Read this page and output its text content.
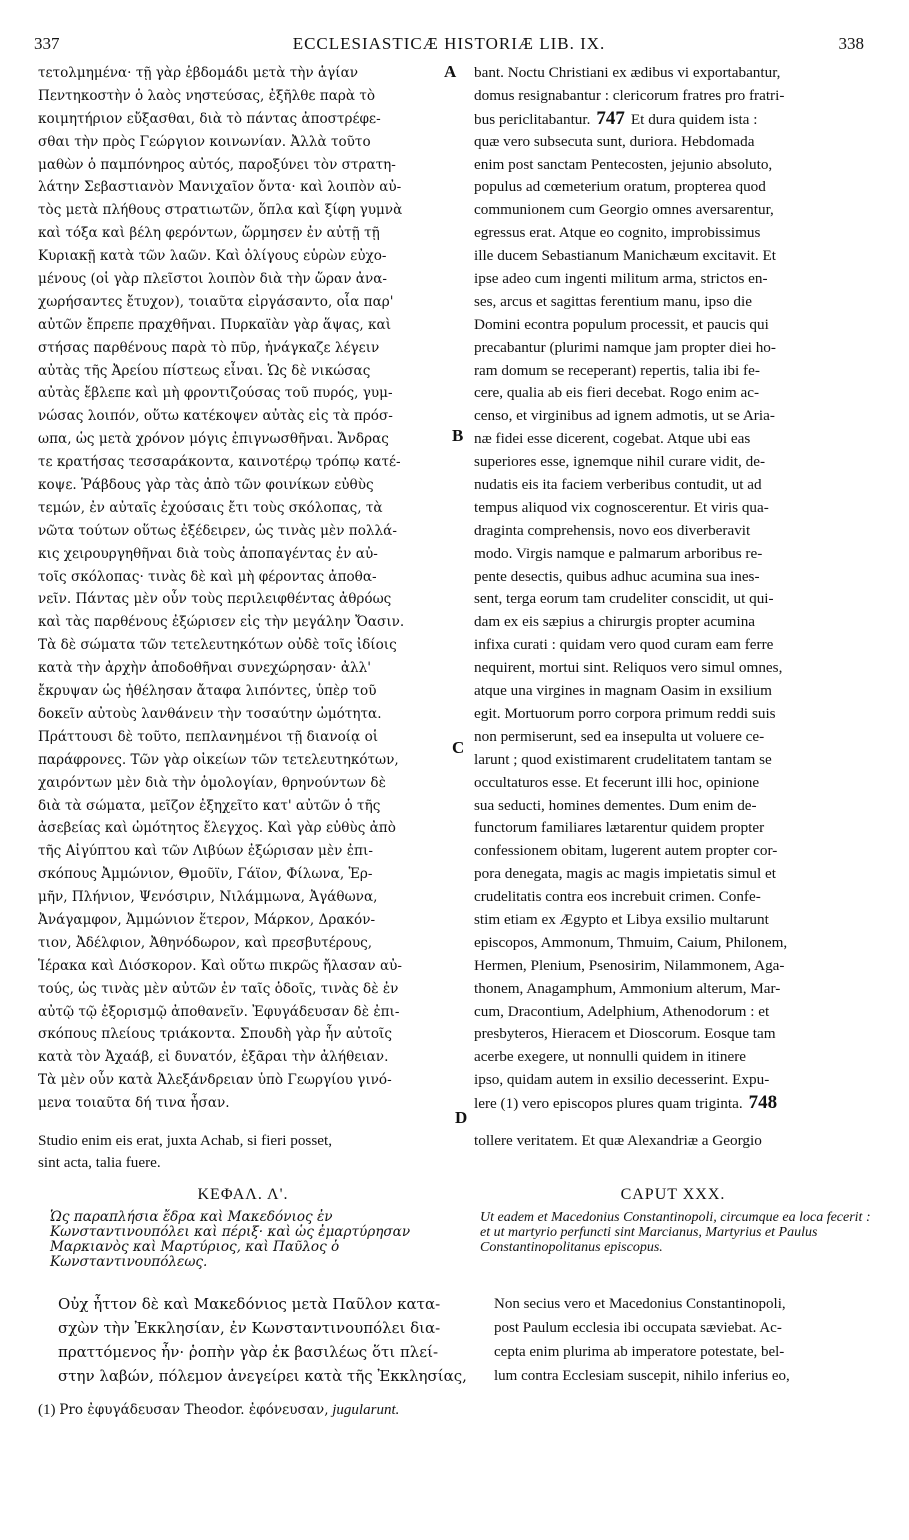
337	ECCLESIASTICÆ HISTORIÆ LIB. IX.	338
τετολμημένα· τῇ γὰρ ἑβδομάδι μετὰ τὴν ἁγίαν
Πεντηκοστὴν ὁ λαὸς νηστεύσας, ἐξῆλθε παρὰ τὸ
κοιμητήριον εὔξασθαι, διὰ τὸ πάντας ἀποστρέφε-
σθαι τὴν πρὸς Γεώργιον κοινωνίαν. Ἀλλὰ τοῦτο
μαθὼν ὁ παμπόνηρος αὐτός, παροξύνει τὸν στρατη-
λάτην Σεβαστιανὸν Μανιχαῖον ὄντα· καὶ λοιπὸν αὐ-
τὸς μετὰ πλήθους στρατιωτῶν, ὅπλα καὶ ξίφη γυμνὰ
καὶ τόξα καὶ βέλη φερόντων, ὥρμησεν ἐν αὐτῇ τῇ
Κυριακῇ κατὰ τῶν λαῶν. Καὶ ὀλίγους εὑρὼν εὐχο-
μένους (οἱ γὰρ πλεῖστοι λοιπὸν διὰ τὴν ὥραν ἀνα-
χωρήσαντες ἔτυχον), τοιαῦτα εἰργάσαντο, οἷα παρ'
αὐτῶν ἔπρεπε πραχθῆναι. Πυρκαϊὰν γὰρ ἅψας, καὶ
στήσας παρθένους παρὰ τὸ πῦρ, ἠνάγκαζε λέγειν
αὐτὰς τῆς Ἀρείου πίστεως εἶναι. Ὡς δὲ νικώσας
αὐτὰς ἔβλεπε καὶ μὴ φροντιζούσας τοῦ πυρός, γυμ-
νώσας λοιπόν, οὕτω κατέκοψεν αὐτὰς εἰς τὰ πρόσ-
ωπα, ὡς μετὰ χρόνον μόγις ἐπιγνωσθῆναι. Ἄνδρας
τε κρατήσας τεσσαράκοντα, καινοτέρῳ τρόπῳ κατέ-
κοψε. Ῥάβδους γὰρ τὰς ἀπὸ τῶν φοινίκων εὐθὺς
τεμών, ἐν αὐταῖς ἐχούσαις ἔτι τοὺς σκόλοπας, τὰ
νῶτα τούτων οὕτως ἐξέδειρεν, ὡς τινὰς μὲν πολλά-
κις χειρουργηθῆναι διὰ τοὺς ἀποπαγέντας ἐν αὐ-
τοῖς σκόλοπας· τινὰς δὲ καὶ μὴ φέροντας ἀποθα-
νεῖν. Πάντας μὲν οὖν τοὺς περιλειφθέντας ἀθρόως
καὶ τὰς παρθένους ἐξώρισεν εἰς τὴν μεγάλην Ὄασιν.
Τὰ δὲ σώματα τῶν τετελευτηκότων οὐδὲ τοῖς ἰδίοις
κατὰ τὴν ἀρχὴν ἀποδοθῆναι συνεχώρησαν· ἀλλ'
ἔκρυψαν ὡς ἠθέλησαν ἄταφα λιπόντες, ὑπὲρ τοῦ
δοκεῖν αὐτοὺς λανθάνειν τὴν τοσαύτην ὠμότητα.
Πράττουσι δὲ τοῦτο, πεπλανημένοι τῇ διανοίᾳ οἱ
παράφρονες. Τῶν γὰρ οἰκείων τῶν τετελευτηκότων,
χαιρόντων μὲν διὰ τὴν ὁμολογίαν, θρηνούντων δὲ
διὰ τὰ σώματα, μεῖζον ἐξηχεῖτο κατ' αὐτῶν ὁ τῆς
ἀσεβείας καὶ ὠμότητος ἔλεγχος. Καὶ γὰρ εὐθὺς ἀπὸ
τῆς Αἰγύπτου καὶ τῶν Λιβύων ἐξώρισαν μὲν ἐπι-
σκόπους Ἀμμώνιον, Θμοῦϊν, Γάϊον, Φίλωνα, Ἑρ-
μῆν, Πλήνιον, Ψενόσιριν, Νιλάμμωνα, Ἀγάθωνα,
Ἀνάγαμφον, Ἀμμώνιον ἕτερον, Μάρκον, Δρακόν-
τιον, Ἀδέλφιον, Ἀθηνόδωρον, καὶ πρεσβυτέρους,
Ἱέρακα καὶ Διόσκορον. Καὶ οὕτω πικρῶς ἤλασαν αὐ-
τούς, ὡς τινὰς μὲν αὐτῶν ἐν ταῖς ὁδοῖς, τινὰς δὲ ἐν
αὐτῷ τῷ ἐξορισμῷ ἀποθανεῖν. Ἐφυγάδευσαν δὲ ἐπι-
σκόπους πλείους τριάκοντα. Σπουδὴ γὰρ ἦν αὐτοῖς
κατὰ τὸν Ἀχαάβ, εἰ δυνατόν, ἐξᾶραι τὴν ἀλήθειαν.
Τὰ μὲν οὖν κατὰ Ἀλεξάνδρειαν ὑπὸ Γεωργίου γινό-
μενα τοιαῦτα δή τινα ἦσαν.
bant. Noctu Christiani ex ædibus vi exportabantur,
domus resignabantur : clericorum fratres pro fratri-
bus periclitabantur. 747 Et dura quidem ista :
quæ vero subsecuta sunt, duriora. Hebdomada
enim post sanctam Pentecosten, jejunio absoluto,
populus ad cœmeterium oratum, propterea quod
communionem cum Georgio omnes aversarentur,
egressus erat. Atque eo cognito, improbissimus
ille ducem Sebastianum Manichæum excitavit. Et
ipse adeo cum ingenti militum arma, strictos en-
ses, arcus et sagittas ferentium manu, ipso die
Domini econtra populum processit, et paucis qui
precabantur (plurimi namque jam propter diei ho-
ram domum se receperant) repertis, talia ibi fe-
cere, qualia ab eis fieri decebat. Rogo enim ac-
censo, et virginibus ad ignem admotis, ut se Aria-
næ fidei esse dicerent, cogebat. Atque ubi eas
superiores esse, ignemque nihil curare vidit, de-
nudatis eis ita faciem verberibus contudit, ut ad
tempus aliquod vix cognoscerentur. Et viris qua-
draginta comprehensis, novo eos diverberavit
modo. Virgis namque e palmarum arboribus re-
pente desectis, quibus adhuc acumina sua ines-
sent, terga eorum tam crudeliter conscidit, ut qui-
dam ex eis sæpius a chirurgis propter acumina
infixa curati : quidam vero quod curam eam ferre
nequirent, mortui sint. Reliquos vero simul omnes,
atque una virgines in magnam Oasim in exsilium
egit. Mortuorum porro corpora primum reddi suis
non permiserunt, sed ea insepulta ut voluere ce-
larunt ; quod existimarent crudelitatem tantam se
occultaturos esse. Et fecerunt illi hoc, opinione
sua seducti, homines dementes. Dum enim de-
functorum familiares lætarentur quidem propter
confessionem obitam, lugerent autem propter cor-
pora denegata, magis ac magis impietatis simul et
crudelitatis contra eos increbuit crimen. Confe-
stim etiam ex Ægypto et Libya exsilio multarunt
episcopos, Ammonum, Thmuim, Caium, Philonem,
Hermen, Plenium, Psenosirim, Nilammonem, Aga-
thonem, Anagamphum, Ammonium alterum, Mar-
cum, Dracontium, Adelphium, Athenodorum : et
presbyteros, Hieracem et Dioscorum. Eosque tam
acerbe exegere, ut nonnulli quidem in itinere
ipso, quidam autem in exsilio decesserint. Expu-
lere (1) vero episcopos plures quam triginta. 748
A
B
C
D
Studio enim eis erat, juxta Achab, si fieri posset,	tollere veritatem. Et quæ Alexandriæ a Georgio
sint acta, talia fuere.
ΚΕΦΑΛ. Λ'.
Ὡς παραπλήσια ἔδρα καὶ Μακεδόνιος ἐν Κωνσταντινουπόλει καὶ πέριξ· καὶ ὡς ἐμαρτύρησαν Μαρκιανὸς καὶ Μαρτύριος, καὶ Παῦλος ὁ Κωνσταντινουπόλεως.
Οὐχ ἧττον δὲ καὶ Μακεδόνιος μετὰ Παῦλον κατα-
σχὼν τὴν Ἐκκλησίαν, ἐν Κωνσταντινουπόλει δια-
πραττόμενος ἦν· ῥοπὴν γὰρ ἐκ βασιλέως ὅτι πλεί-
στην λαβών, πόλεμον ἀνεγείρει κατὰ τῆς Ἐκκλησίας,
CAPUT XXX.
Ut eadem et Macedonius Constantinopoli, circumque ea loca fecerit : et ut martyrio perfuncti sint Marcianus, Martyrius et Paulus Constantinopolitanus episcopus.
Non secius vero et Macedonius Constantinopoli,
post Paulum ecclesia ibi occupata sæviebat. Ac-
cepta enim plurima ab imperatore potestate, bel-
lum contra Ecclesiam suscepit, nihilo inferius eo,
(1) Pro ἐφυγάδευσαν Theodor. ἐφόνευσαν, jugularunt.
